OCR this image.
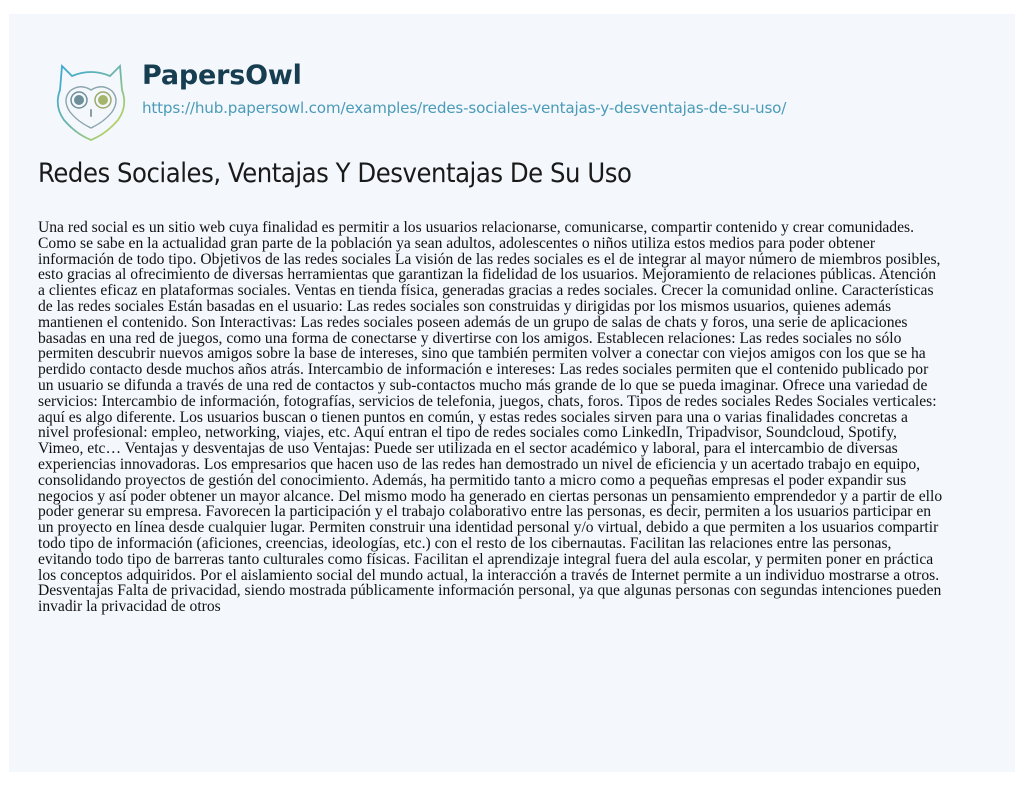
PapersOwl
https://hub.papersowl.com/examples/redes-sociales-ventajas-y-desventajas-de-su-uso/
Redes Sociales, Ventajas Y Desventajas De Su Uso
Una red social es un sitio web cuya finalidad es permitir a los usuarios relacionarse, comunicarse, compartir contenido y crear comunidades.
Como se sabe en la actualidad gran parte de la población ya sean adultos, adolescentes o niños utiliza estos medios para poder obtener
información de todo tipo. Objetivos de las redes sociales La visión de las redes sociales es el de integrar al mayor número de miembros posibles,
esto gracias al ofrecimiento de diversas herramientas que garantizan la fidelidad de los usuarios. Mejoramiento de relaciones públicas. Atención
a clientes eficaz en plataformas sociales. Ventas en tienda física, generadas gracias a redes sociales. Crecer la comunidad online. Características
de las redes sociales Están basadas en el usuario: Las redes sociales son construidas y dirigidas por los mismos usuarios, quienes además
mantienen el contenido. Son Interactivas: Las redes sociales poseen además de un grupo de salas de chats y foros, una serie de aplicaciones
basadas en una red de juegos, como una forma de conectarse y divertirse con los amigos. Establecen relaciones: Las redes sociales no sólo
permiten descubrir nuevos amigos sobre la base de intereses, sino que también permiten volver a conectar con viejos amigos con los que se ha
perdido contacto desde muchos años atrás. Intercambio de información e intereses: Las redes sociales permiten que el contenido publicado por
un usuario se difunda a través de una red de contactos y sub-contactos mucho más grande de lo que se pueda imaginar. Ofrece una variedad de
servicios: Intercambio de información, fotografías, servicios de telefonia, juegos, chats, foros. Tipos de redes sociales Redes Sociales verticales:
aquí es algo diferente. Los usuarios buscan o tienen puntos en común, y estas redes sociales sirven para una o varias finalidades concretas a
nivel profesional: empleo, networking, viajes, etc. Aquí entran el tipo de redes sociales como LinkedIn, Tripadvisor, Soundcloud, Spotify,
Vimeo, etc… Ventajas y desventajas de uso Ventajas: Puede ser utilizada en el sector académico y laboral, para el intercambio de diversas
experiencias innovadoras. Los empresarios que hacen uso de las redes han demostrado un nivel de eficiencia y un acertado trabajo en equipo,
consolidando proyectos de gestión del conocimiento. Además, ha permitido tanto a micro como a pequeñas empresas el poder expandir sus
negocios y así poder obtener un mayor alcance. Del mismo modo ha generado en ciertas personas un pensamiento emprendedor y a partir de ello
poder generar su empresa. Favorecen la participación y el trabajo colaborativo entre las personas, es decir, permiten a los usuarios participar en
un proyecto en línea desde cualquier lugar. Permiten construir una identidad personal y/o virtual, debido a que permiten a los usuarios compartir
todo tipo de información (aficiones, creencias, ideologías, etc.) con el resto de los cibernautas. Facilitan las relaciones entre las personas,
evitando todo tipo de barreras tanto culturales como físicas. Facilitan el aprendizaje integral fuera del aula escolar, y permiten poner en práctica
los conceptos adquiridos. Por el aislamiento social del mundo actual, la interacción a través de Internet permite a un individuo mostrarse a otros.
Desventajas Falta de privacidad, siendo mostrada públicamente información personal, ya que algunas personas con segundas intenciones pueden
invadir la privacidad de otros
